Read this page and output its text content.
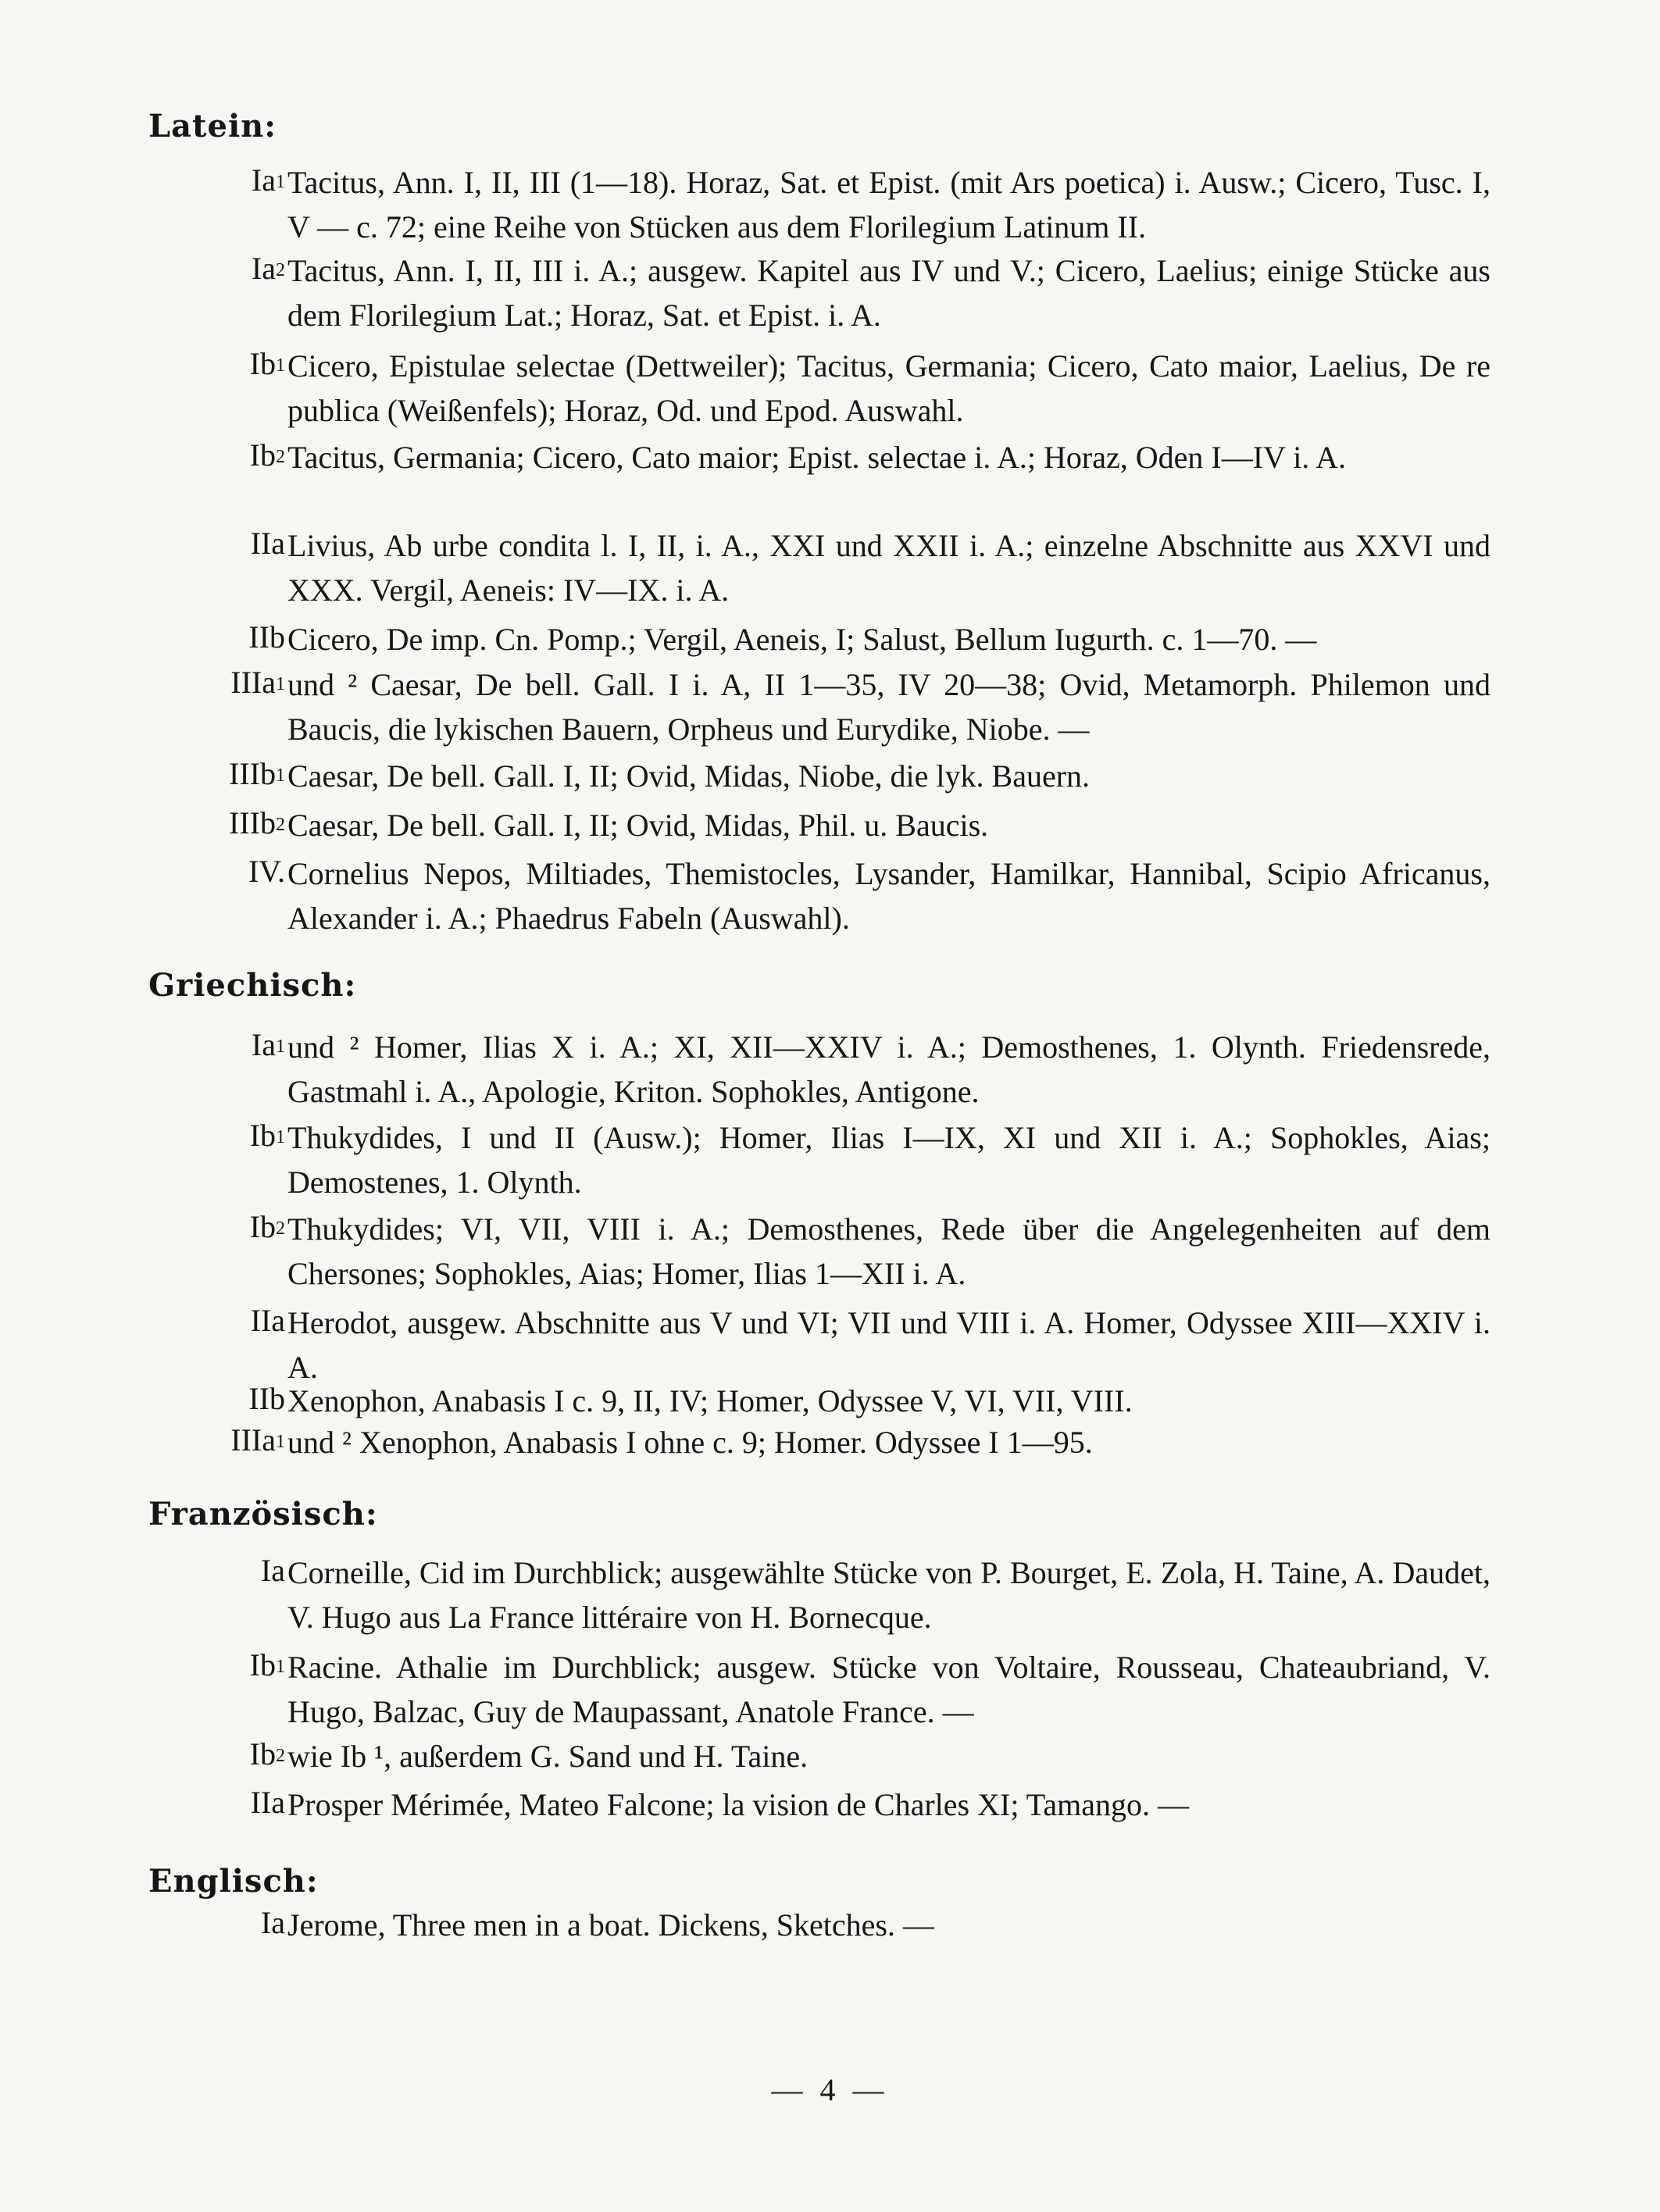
Latein:
Ia$^1$ Tacitus, Ann. I, II, III (1—18). Horaz, Sat. et Epist. (mit Ars poetica) i. Ausw.; Cicero, Tusc. I, V — c. 72; eine Reihe von Stücken aus dem Florilegium Latinum II.
Ia$^2$ Tacitus, Ann. I, II, III i. A.; ausgew. Kapitel aus IV und V.; Cicero, Laelius; einige Stücke aus dem Florilegium Lat.; Horaz, Sat. et Epist. i. A.
Ib$^1$ Cicero, Epistulae selectae (Dettweiler); Tacitus, Germania; Cicero, Cato maior, Laelius, De re publica (Weißenfels); Horaz, Od. und Epod. Auswahl.
Ib$^2$ Tacitus, Germania; Cicero, Cato maior; Epist. selectae i. A.; Horaz, Oden I—IV i. A.
IIa Livius, Ab urbe condita l. I, II, i. A., XXI und XXII i. A.; einzelne Abschnitte aus XXVI und XXX. Vergil, Aeneis: IV—IX. i. A.
IIb Cicero, De imp. Cn. Pomp.; Vergil, Aeneis, I; Salust, Bellum Iugurth. c. 1—70. —
IIIa$^1$ und ² Caesar, De bell. Gall. I i. A, II 1—35, IV 20—38; Ovid, Metamorph. Philemon und Baucis, die lykischen Bauern, Orpheus und Eurydike, Niobe. —
IIIb$^1$ Caesar, De bell. Gall. I, II; Ovid, Midas, Niobe, die lyk. Bauern.
IIIb$^2$ Caesar, De bell. Gall. I, II; Ovid, Midas, Phil. u. Baucis.
IV. Cornelius Nepos, Miltiades, Themistocles, Lysander, Hamilkar, Hannibal, Scipio Africanus, Alexander i. A.; Phaedrus Fabeln (Auswahl).
Griechisch:
Ia$^1$ und ² Homer, Ilias X i. A.; XI, XII—XXIV i. A.; Demosthenes, 1. Olynth. Friedensrede, Gastmahl i. A., Apologie, Kriton. Sophokles, Antigone.
Ib$^1$ Thukydides, I und II (Ausw.); Homer, Ilias I—IX, XI und XII i. A.; Sophokles, Aias; Demostenes, 1. Olynth.
Ib$^2$ Thukydides; VI, VII, VIII i. A.; Demosthenes, Rede über die Angelegenheiten auf dem Chersones; Sophokles, Aias; Homer, Ilias 1—XII i. A.
IIa Herodot, ausgew. Abschnitte aus V und VI; VII und VIII i. A. Homer, Odyssee XIII—XXIV i. A.
IIb Xenophon, Anabasis I c. 9, II, IV; Homer, Odyssee V, VI, VII, VIII.
IIIa$^1$ und ² Xenophon, Anabasis I ohne c. 9; Homer. Odyssee I 1—95.
Französisch:
Ia Corneille, Cid im Durchblick; ausgewählte Stücke von P. Bourget, E. Zola, H. Taine, A. Daudet, V. Hugo aus La France littéraire von H. Bornecque.
Ib$^1$ Racine. Athalie im Durchblick; ausgew. Stücke von Voltaire, Rousseau, Chateaubriand, V. Hugo, Balzac, Guy de Maupassant, Anatole France. —
Ib$^2$ wie Ib ¹, außerdem G. Sand und H. Taine.
IIa Prosper Mérimée, Mateo Falcone; la vision de Charles XI; Tamango. —
Englisch:
Ia Jerome, Three men in a boat. Dickens, Sketches. —
— 4 —
